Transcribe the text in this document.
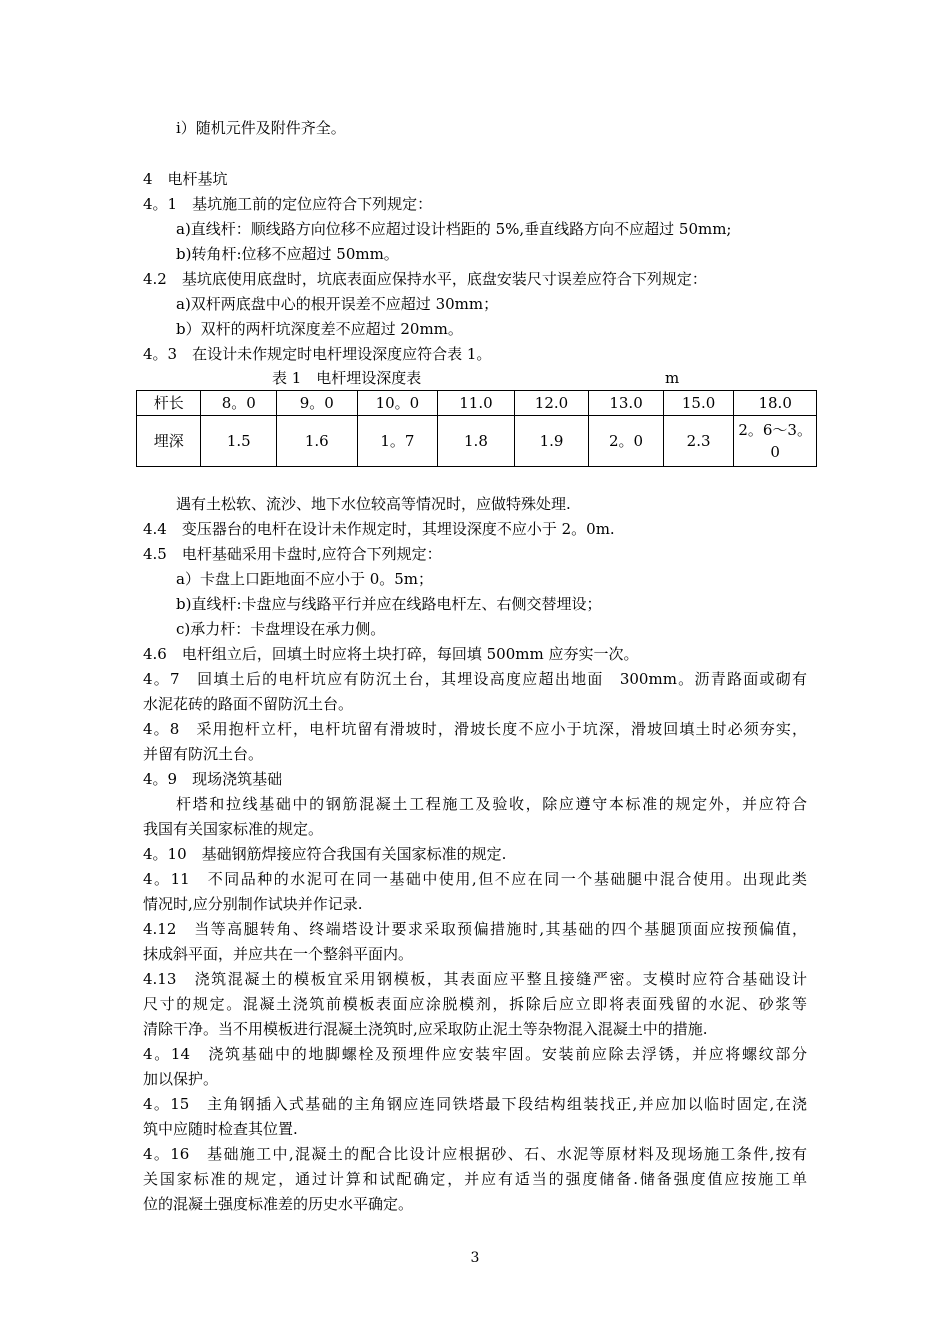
i）随机元件及附件齐全。
4　电杆基坑
4。1　基坑施工前的定位应符合下列规定：
a)直线杆：顺线路方向位移不应超过设计档距的 5%,垂直线路方向不应超过 50mm;
b)转角杆:位移不应超过 50mm。
4.2　基坑底使用底盘时，坑底表面应保持水平，底盘安装尺寸误差应符合下列规定：
a)双杆两底盘中心的根开误差不应超过 30mm；
b）双杆的两杆坑深度差不应超过 20mm。
4。3　在设计未作规定时电杆埋设深度应符合表 1。
表 1　电杆埋设深度表	m
杆长	8。0	9。0	10。0	11.0	12.0	13.0	15.0	18.0
埋深	1.5	1.6	1。7	1.8	1.9	2。0	2.3	2。6～3。0
遇有土松软、流沙、地下水位较高等情况时，应做特殊处理.
4.4　变压器台的电杆在设计未作规定时，其埋设深度不应小于 2。0m.
4.5　电杆基础采用卡盘时,应符合下列规定：
a）卡盘上口距地面不应小于 0。5m；
b)直线杆:卡盘应与线路平行并应在线路电杆左、右侧交替埋设；
c)承力杆：卡盘埋设在承力侧。
4.6　电杆组立后，回填土时应将土块打碎，每回填 500mm 应夯实一次。
4。7　回填土后的电杆坑应有防沉土台，其埋设高度应超出地面　300mm。沥青路面或砌有
水泥花砖的路面不留防沉土台。
4。8　采用抱杆立杆，电杆坑留有滑坡时，滑坡长度不应小于坑深，滑坡回填土时必须夯实，
并留有防沉土台。
4。9　现场浇筑基础
杆塔和拉线基础中的钢筋混凝土工程施工及验收，除应遵守本标准的规定外，并应符合
我国有关国家标准的规定。
4。10　基础钢筋焊接应符合我国有关国家标准的规定.
4。11　不同品种的水泥可在同一基础中使用,但不应在同一个基础腿中混合使用。出现此类
情况时,应分别制作试块并作记录.
4.12　当等高腿转角、终端塔设计要求采取预偏措施时,其基础的四个基腿顶面应按预偏值，
抹成斜平面，并应共在一个整斜平面内。
4.13　浇筑混凝土的模板宜采用钢模板，其表面应平整且接缝严密。支模时应符合基础设计
尺寸的规定。混凝土浇筑前模板表面应涂脱模剂，拆除后应立即将表面残留的水泥、砂浆等
清除干净。当不用模板进行混凝土浇筑时,应采取防止泥土等杂物混入混凝土中的措施.
4。14　浇筑基础中的地脚螺栓及预埋件应安装牢固。安装前应除去浮锈，并应将螺纹部分
加以保护。
4。15　主角钢插入式基础的主角钢应连同铁塔最下段结构组装找正,并应加以临时固定,在浇
筑中应随时检查其位置.
4。16　基础施工中,混凝土的配合比设计应根据砂、石、水泥等原材料及现场施工条件,按有
关国家标准的规定，通过计算和试配确定，并应有适当的强度储备.储备强度值应按施工单
位的混凝土强度标准差的历史水平确定。
3
